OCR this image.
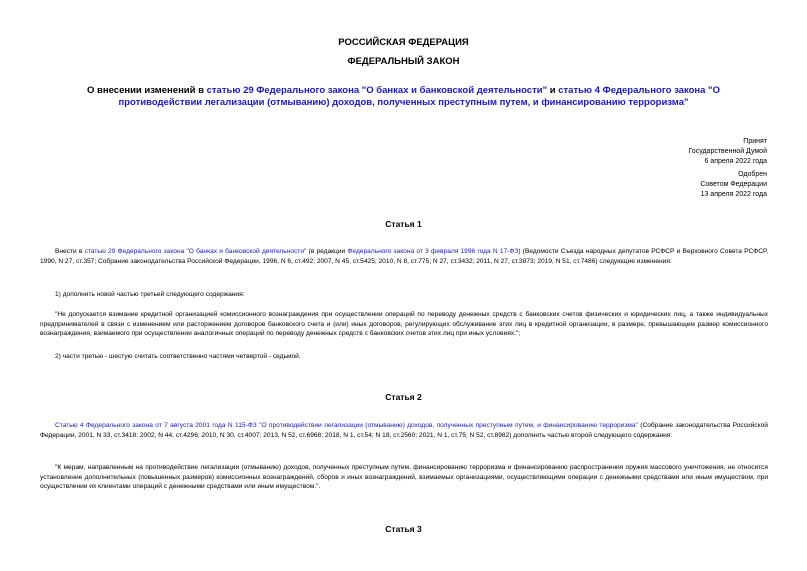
РОССИЙСКАЯ ФЕДЕРАЦИЯ
ФЕДЕРАЛЬНЫЙ ЗАКОН
О внесении изменений в статью 29 Федерального закона "О банках и банковской деятельности" и статью 4 Федерального закона "О противодействии легализации (отмыванию) доходов, полученных преступным путем, и финансированию терроризма"
Принят
Государственной Думой
6 апреля 2022 года
Одобрен
Советом Федерации
13 апреля 2022 года
Статья 1
Внести в статью 29 Федерального закона "О банках и банковской деятельности" (в редакции Федерального закона от 3 февраля 1996 года N 17-ФЗ) (Ведомости Съезда народных депутатов РСФСР и Верховного Совета РСФСР, 1990, N 27, ст.357; Собрание законодательства Российской Федерации, 1996, N 6, ст.492; 2007, N 45, ст.5425; 2010, N 8, ст.775; N 27, ст.3432; 2011, N 27, ст.3873; 2019, N 51, ст.7486) следующие изменения:
1) дополнить новой частью третьей следующего содержания:
"Не допускается взимание кредитной организацией комиссионного вознаграждения при осуществлении операций по переводу денежных средств с банковских счетов физических и юридических лиц, а также индивидуальных предпринимателей в связи с изменением или расторжением договоров банковского счета и (или) иных договоров, регулирующих обслуживание этих лиц в кредитной организации, в размере, превышающем размер комиссионного вознаграждения, взимаемого при осуществлении аналогичных операций по переводу денежных средств с банковских счетов этих лиц при иных условиях.";
2) части третью - шестую считать соответственно частями четвертой - седьмой.
Статья 2
Статью 4 Федерального закона от 7 августа 2001 года N 115-ФЗ "О противодействии легализации (отмыванию) доходов, полученных преступным путем, и финансированию терроризма" (Собрание законодательства Российской Федерации, 2001, N 33, ст.3418; 2002, N 44, ст.4296; 2010, N 30, ст.4007; 2013, N 52, ст.6968; 2018, N 1, ст.54; N 18, ст.2560; 2021, N 1, ст.75; N 52, ст.8982) дополнить частью второй следующего содержания:
"К мерам, направленным на противодействие легализации (отмыванию) доходов, полученных преступным путем, финансированию терроризма и финансированию распространения оружия массового уничтожения, не относится установление дополнительных (повышенных размеров) комиссионных вознаграждений, сборов и иных вознаграждений, взимаемых организациями, осуществляющими операции с денежными средствами или иным имуществом, при осуществлении их клиентами операций с денежными средствами или иным имуществом.".
Статья 3
